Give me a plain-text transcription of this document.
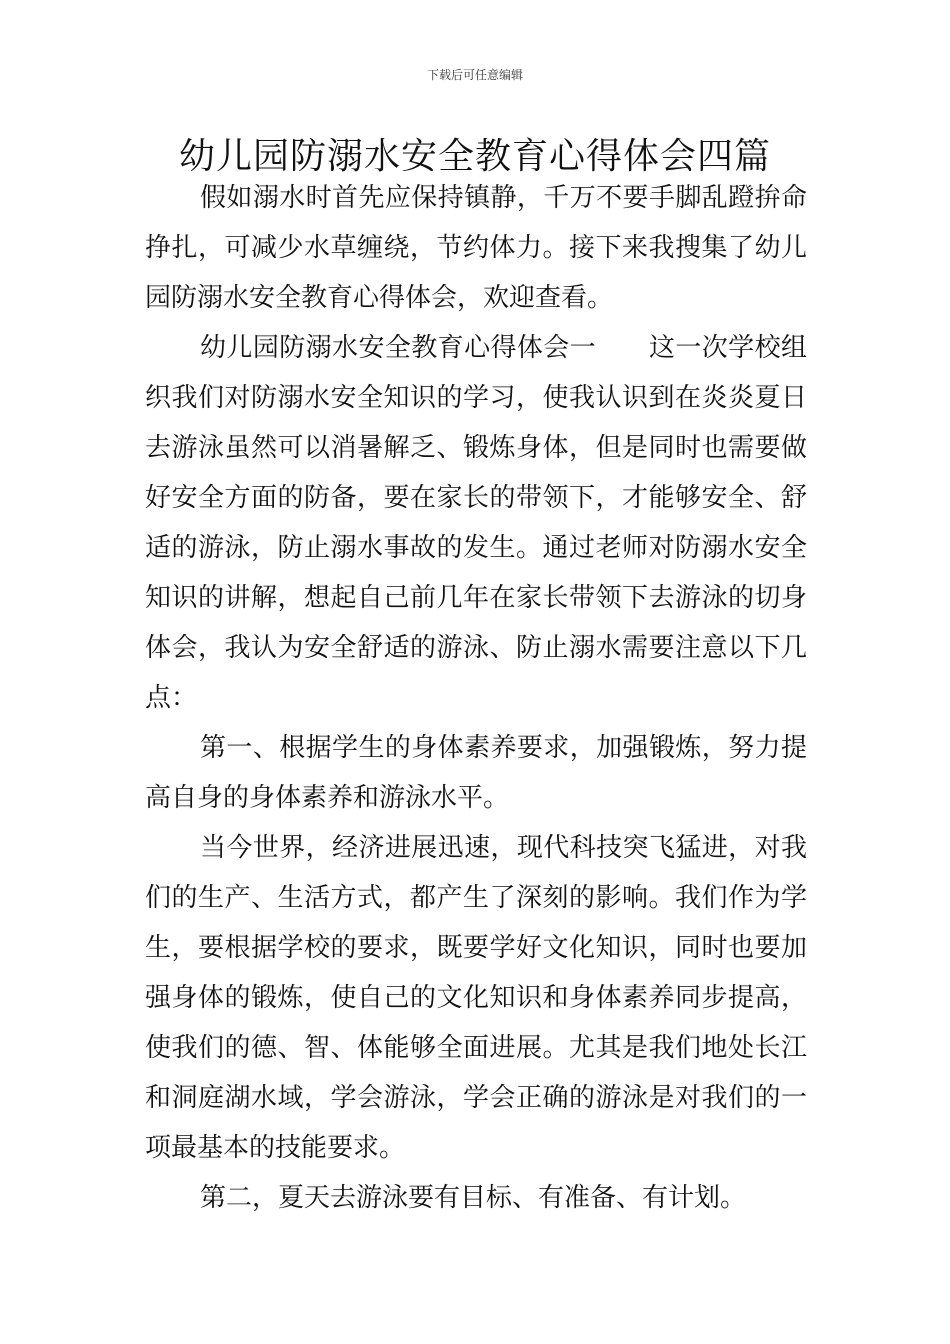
下载后可任意编辑
幼儿园防溺水安全教育心得体会四篇
假如溺水时首先应保持镇静，千万不要手脚乱蹬拚命
挣扎，可减少水草缠绕，节约体力。接下来我搜集了幼儿
园防溺水安全教育心得体会，欢迎查看。
幼儿园防溺水安全教育心得体会一　　这一次学校组
织我们对防溺水安全知识的学习，使我认识到在炎炎夏日
去游泳虽然可以消暑解乏、锻炼身体，但是同时也需要做
好安全方面的防备，要在家长的带领下，才能够安全、舒
适的游泳，防止溺水事故的发生。通过老师对防溺水安全
知识的讲解，想起自己前几年在家长带领下去游泳的切身
体会，我认为安全舒适的游泳、防止溺水需要注意以下几
点：
第一、根据学生的身体素养要求，加强锻炼，努力提
高自身的身体素养和游泳水平。
当今世界，经济进展迅速，现代科技突飞猛进，对我
们的生产、生活方式，都产生了深刻的影响。我们作为学
生，要根据学校的要求，既要学好文化知识，同时也要加
强身体的锻炼，使自己的文化知识和身体素养同步提高，
使我们的德、智、体能够全面进展。尤其是我们地处长江
和洞庭湖水域，学会游泳，学会正确的游泳是对我们的一
项最基本的技能要求。
第二，夏天去游泳要有目标、有准备、有计划。
